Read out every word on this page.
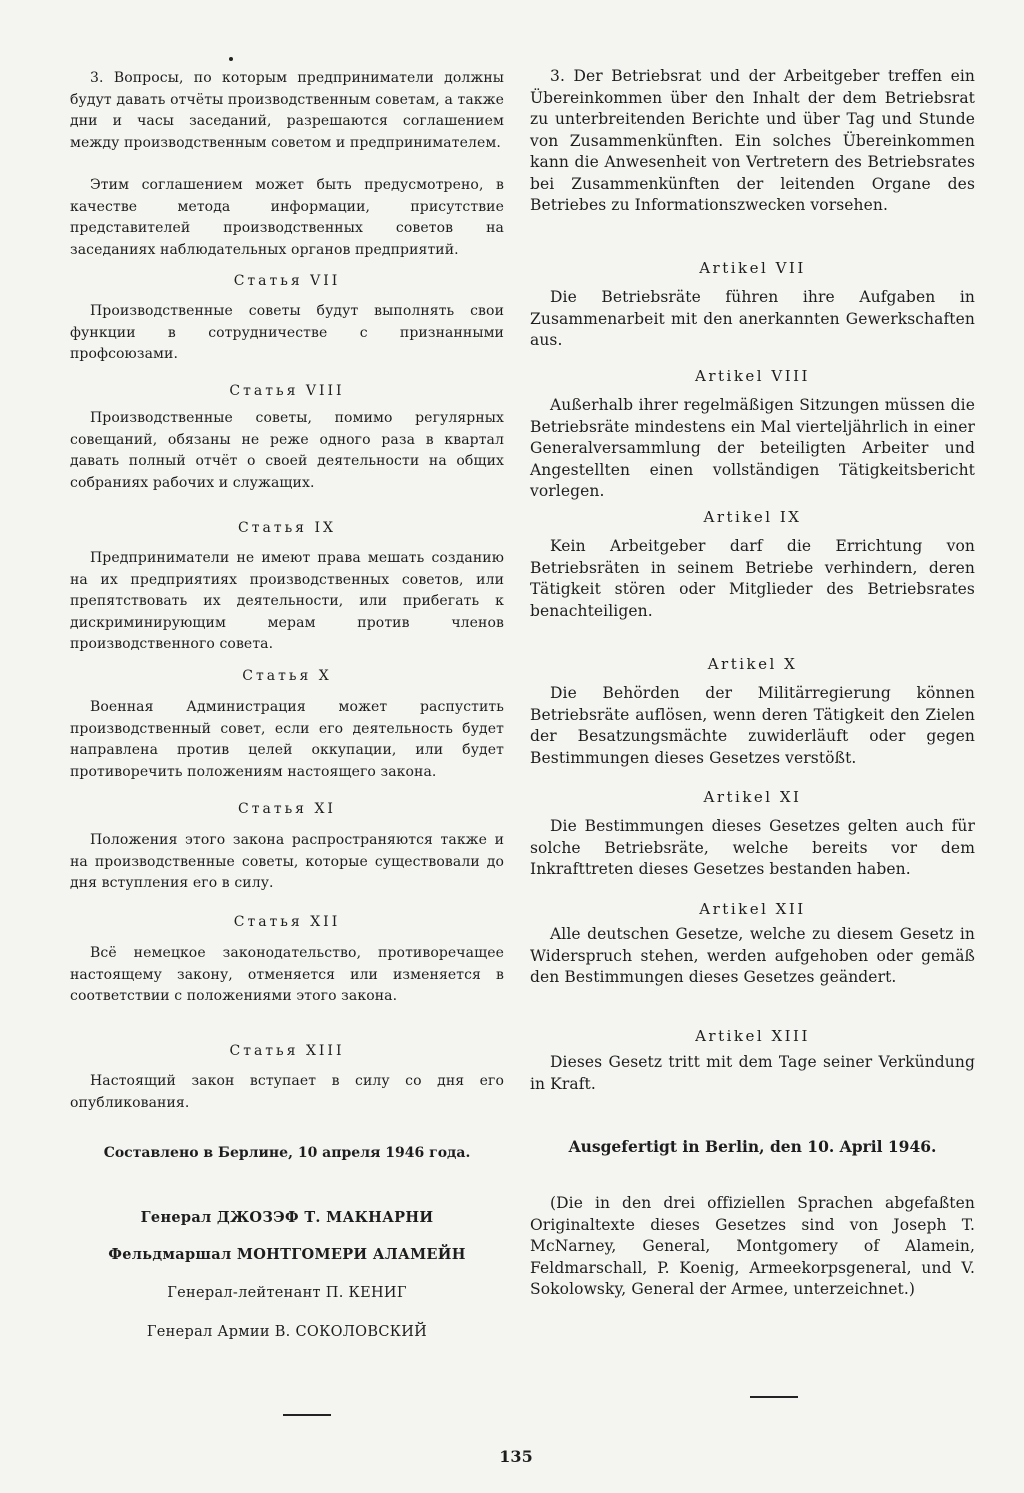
3. Вопросы, по которым предприниматели должны будут давать отчёты производственным советам, а также дни и часы заседаний, разрешаются соглашением между производственным советом и предпринимателем.

Этим соглашением может быть предусмотрено, в качестве метода информации, присутствие представителей производственных советов на заседаниях наблюдательных органов предприятий.

Статья VII

Производственные советы будут выполнять свои функции в сотрудничестве с признанными профсоюзами.

Статья VIII

Производственные советы, помимо регулярных совещаний, обязаны не реже одного раза в квартал давать полный отчёт о своей деятельности на общих собраниях рабочих и служащих.

Статья IX

Предприниматели не имеют права мешать созданию на их предприятиях производственных советов, или препятствовать их деятельности, или прибегать к дискриминирующим мерам против членов производственного совета.

Статья X

Военная Администрация может распустить производственный совет, если его деятельность будет направлена против целей оккупации, или будет противоречить положениям настоящего закона.

Статья XI

Положения этого закона распространяются также и на производственные советы, которые существовали до дня вступления его в силу.

Статья XII

Всё немецкое законодательство, противоречащее настоящему закону, отменяется или изменяется в соответствии с положениями этого закона.

Статья XIII

Настоящий закон вступает в силу со дня его опубликования.

Составлено в Берлине, 10 апреля 1946 года.
Генерал ДЖОЗЭФ Т. МАКНАРНИ
Фельдмаршал МОНТГОМЕРИ АЛАМЕЙН
Генерал-лейтенант П. КЕНИГ
Генерал Армии В. СОКОЛОВСКИЙ

3. Der Betriebsrat und der Arbeitgeber treffen ein Übereinkommen über den Inhalt der dem Betriebsrat zu unterbreitenden Berichte und über Tag und Stunde von Zusammenkünften. Ein solches Übereinkommen kann die Anwesenheit von Vertretern des Betriebsrates bei Zusammenkünften der leitenden Organe des Betriebes zu Informationszwecken vorsehen.

Artikel VII

Die Betriebsräte führen ihre Aufgaben in Zusammenarbeit mit den anerkannten Gewerkschaften aus.

Artikel VIII

Außerhalb ihrer regelmäßigen Sitzungen müssen die Betriebsräte mindestens ein Mal vierteljährlich in einer Generalversammlung der beteiligten Arbeiter und Angestellten einen vollständigen Tätigkeitsbericht vorlegen.

Artikel IX

Kein Arbeitgeber darf die Errichtung von Betriebsräten in seinem Betriebe verhindern, deren Tätigkeit stören oder Mitglieder des Betriebsrates benachteiligen.

Artikel X

Die Behörden der Militärregierung können Betriebsräte auflösen, wenn deren Tätigkeit den Zielen der Besatzungsmächte zuwiderläuft oder gegen Bestimmungen dieses Gesetzes verstößt.

Artikel XI

Die Bestimmungen dieses Gesetzes gelten auch für solche Betriebsräte, welche bereits vor dem Inkrafttreten dieses Gesetzes bestanden haben.

Artikel XII

Alle deutschen Gesetze, welche zu diesem Gesetz in Widerspruch stehen, werden aufgehoben oder gemäß den Bestimmungen dieses Gesetzes geändert.

Artikel XIII

Dieses Gesetz tritt mit dem Tage seiner Verkündung in Kraft.

Ausgefertigt in Berlin, den 10. April 1946.

(Die in den drei offiziellen Sprachen abgefaßten Originaltexte dieses Gesetzes sind von Joseph T. McNarney, General, Montgomery of Alamein, Feldmarschall, P. Koenig, Armeekorpsgeneral, und V. Sokolowsky, General der Armee, unterzeichnet.)

135
